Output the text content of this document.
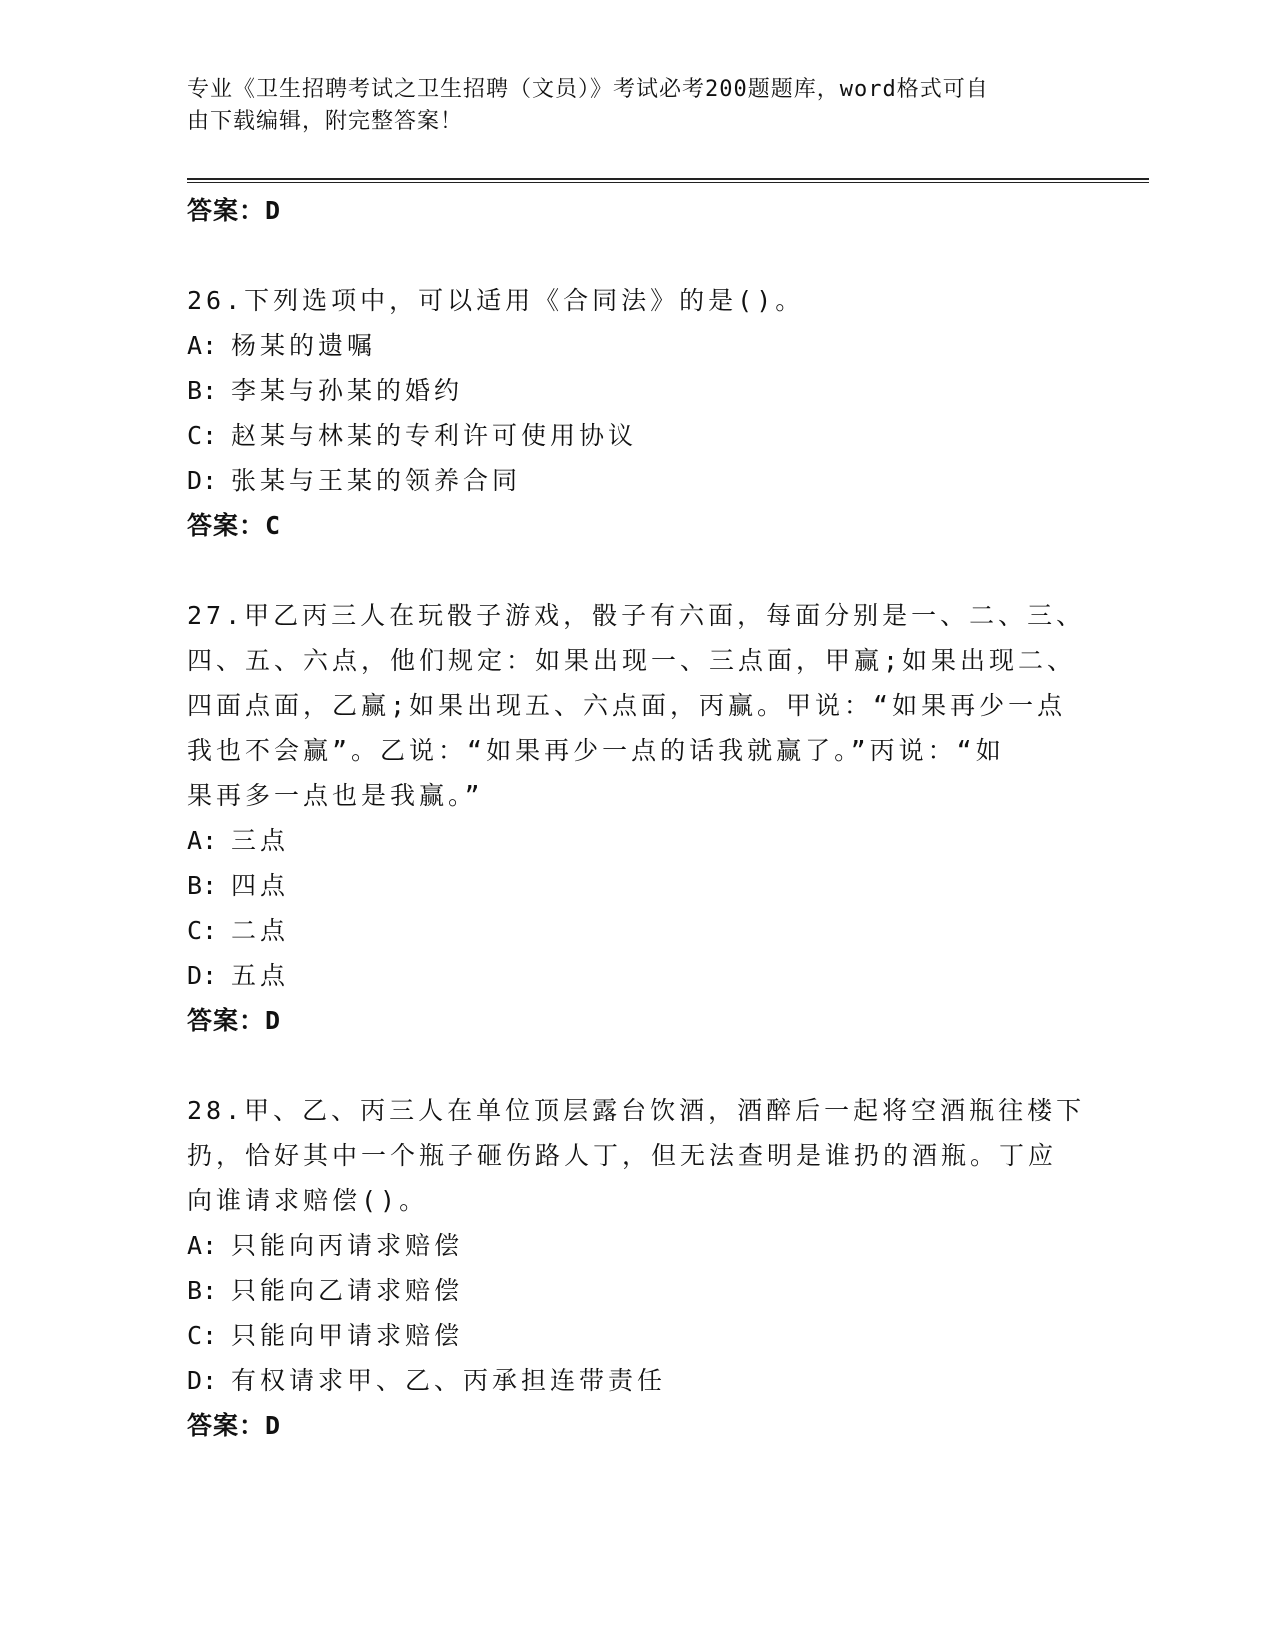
专业《卫生招聘考试之卫生招聘（文员）》考试必考200题题库，word格式可自

由下载编辑，附完整答案！

答案：D

26.下列选项中，可以适用《合同法》的是()。

A: 杨某的遗嘱

B: 李某与孙某的婚约

C: 赵某与林某的专利许可使用协议

D: 张某与王某的领养合同

答案：C

27.甲乙丙三人在玩骰子游戏，骰子有六面，每面分别是一、二、三、

四、五、六点，他们规定：如果出现一、三点面，甲赢;如果出现二、

四面点面，乙赢;如果出现五、六点面，丙赢。甲说：“如果再少一点

我也不会赢”。乙说：“如果再少一点的话我就赢了。”丙说：“如

果再多一点也是我赢。”

A: 三点

B: 四点

C: 二点

D: 五点

答案：D

28.甲、乙、丙三人在单位顶层露台饮酒，酒醉后一起将空酒瓶往楼下

扔，恰好其中一个瓶子砸伤路人丁，但无法查明是谁扔的酒瓶。丁应

向谁请求赔偿()。

A: 只能向丙请求赔偿

B: 只能向乙请求赔偿

C: 只能向甲请求赔偿

D: 有权请求甲、乙、丙承担连带责任

答案：D
